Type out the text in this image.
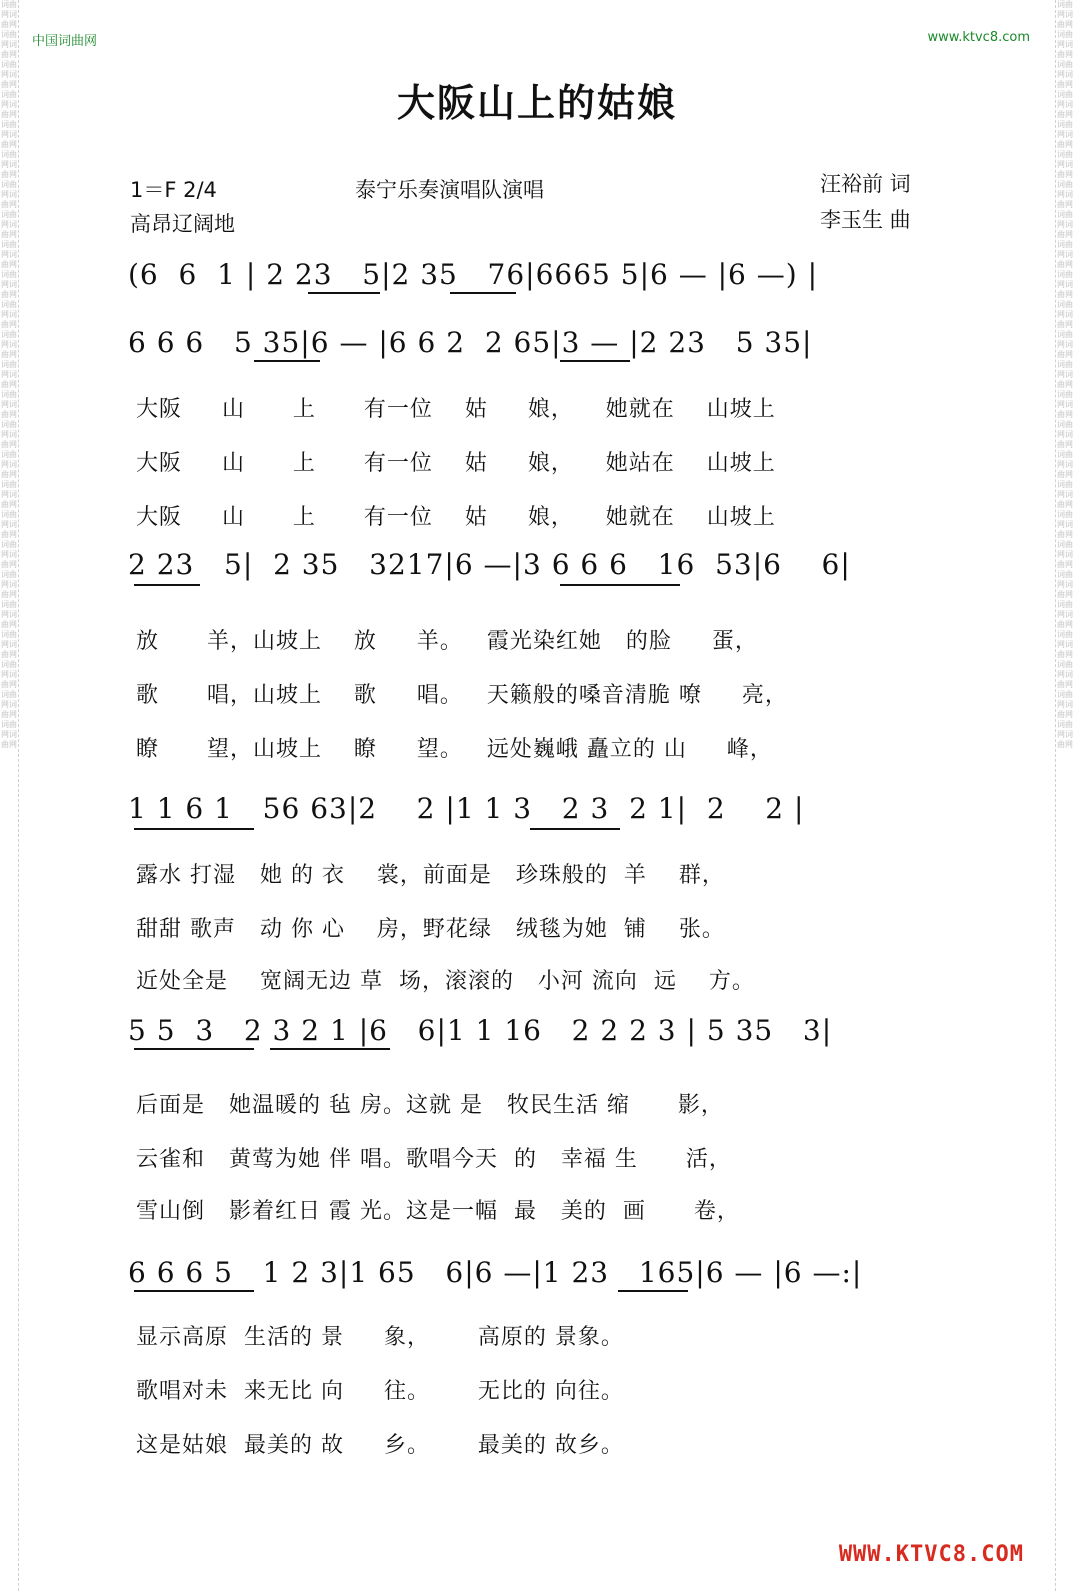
词曲网词曲网词曲网词曲网词曲网词曲网词曲网词曲网词曲网词曲网词曲网词曲网词曲网词曲网词曲网词曲网词曲网词曲网词曲网词曲网词曲网词曲网词曲网词曲网词曲网词曲网词曲网词曲网词曲网词曲网词曲网词曲网词曲网词曲网词曲网词曲网词曲网词曲网词曲网词曲网词曲网词曲网词曲网词曲网词曲网词曲网词曲网词曲网词曲网词曲网
词曲网词曲网词曲网词曲网词曲网词曲网词曲网词曲网词曲网词曲网词曲网词曲网词曲网词曲网词曲网词曲网词曲网词曲网词曲网词曲网词曲网词曲网词曲网词曲网词曲网词曲网词曲网词曲网词曲网词曲网词曲网词曲网词曲网词曲网词曲网词曲网词曲网词曲网词曲网词曲网词曲网词曲网词曲网词曲网词曲网词曲网词曲网词曲网词曲网词曲网
中国词曲网	www.ktvc8.com
大阪山上的姑娘
1＝F 2/4	泰宁乐奏演唱队演唱	汪裕前 词
高昂辽阔地	李玉生 曲
(6  6  1 | 2 23   5|2 35   76|6665 5|6 — |6 —) |
6 6 6   5 35|6 — |6 6 2  2 65|3 — |2 23   5 35|
大阪     山      上      有一位    姑     娘，    她就在    山坡上
大阪     山      上      有一位    姑     娘，    她站在    山坡上
大阪     山      上      有一位    姑     娘，    她就在    山坡上
2 23   5|  2 35   3217|6 —|3 6 6 6   16  53|6    6|
放      羊，山坡上    放     羊。   霞光染红她   的脸     蛋，
歌      唱，山坡上    歌     唱。   天籁般的嗓音清脆 嘹     亮，
瞭      望，山坡上    瞭     望。   远处巍峨 矗立的 山     峰，
1 1 6 1   56 63|2    2 |1 1 3   2 3  2 1|  2    2 |
露水 打湿   她 的 衣    裳，前面是   珍珠般的  羊    群，
甜甜 歌声   动 你 心    房，野花绿   绒毯为她  铺    张。
近处全是    宽阔无边 草  场，滚滚的   小河 流向  远    方。
5 5  3   2 3 2 1 |6   6|1 1 16   2 2 2 3 | 5 35   3|
后面是   她温暖的 毡 房。这就 是   牧民生活 缩      影，
云雀和   黄莺为她 伴 唱。歌唱今天  的   幸福 生      活，
雪山倒   影着红日 霞 光。这是一幅  最   美的  画      卷，
6 6 6 5   1 2 3|1 65   6|6 —|1 23   165|6 — |6 —:|
显示高原  生活的 景     象，      高原的 景象。
歌唱对未  来无比 向     往。      无比的 向往。
这是姑娘  最美的 故     乡。      最美的 故乡。
WWW.KTVC8.COM
